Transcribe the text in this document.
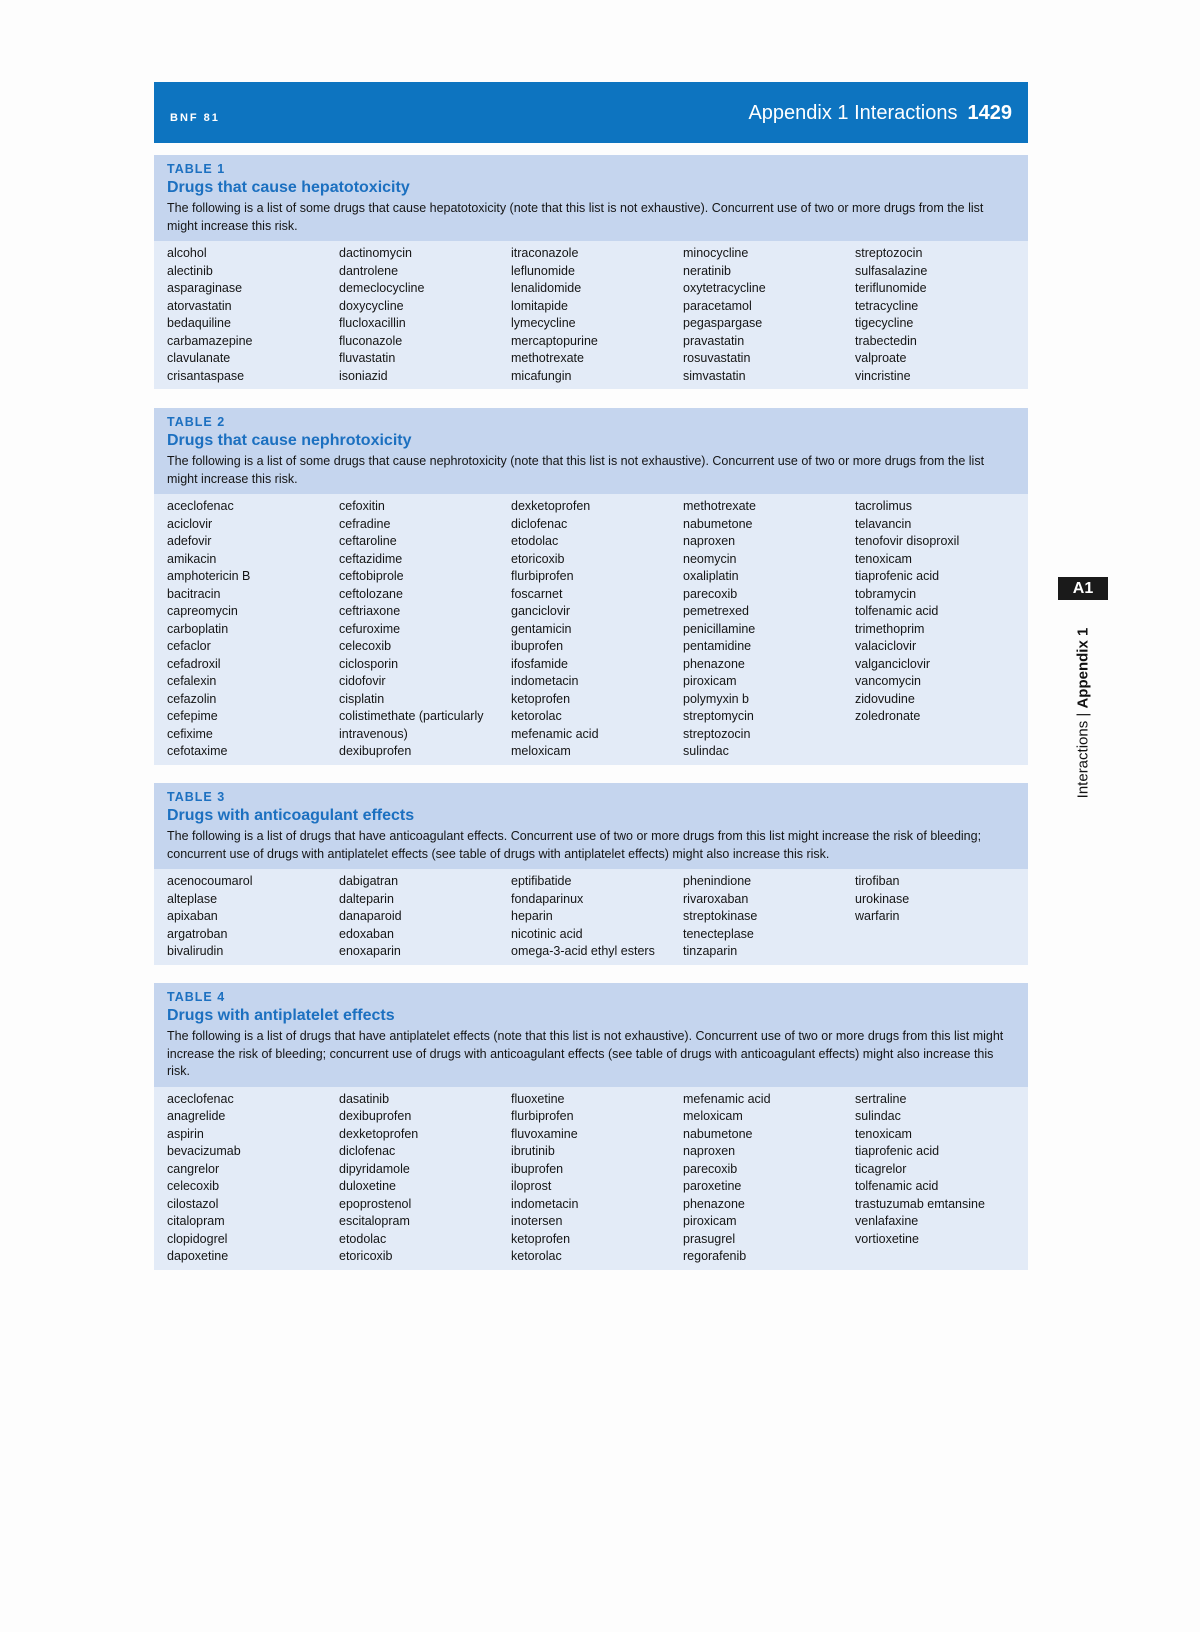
BNF 81	Appendix 1 Interactions 1429
TABLE 1
Drugs that cause hepatotoxicity
The following is a list of some drugs that cause hepatotoxicity (note that this list is not exhaustive). Concurrent use of two or more drugs from the list might increase this risk.
alcohol
alectinib
asparaginase
atorvastatin
bedaquiline
carbamazepine
clavulanate
crisantaspase
dactinomycin
dantrolene
demeclocycline
doxycycline
flucloxacillin
fluconazole
fluvastatin
isoniazid
itraconazole
leflunomide
lenalidomide
lomitapide
lymecycline
mercaptopurine
methotrexate
micafungin
minocycline
neratinib
oxytetracycline
paracetamol
pegaspargase
pravastatin
rosuvastatin
simvastatin
streptozocin
sulfasalazine
teriflunomide
tetracycline
tigecycline
trabectedin
valproate
vincristine
TABLE 2
Drugs that cause nephrotoxicity
The following is a list of some drugs that cause nephrotoxicity (note that this list is not exhaustive). Concurrent use of two or more drugs from the list might increase this risk.
aceclofenac
aciclovir
adefovir
amikacin
amphotericin B
bacitracin
capreomycin
carboplatin
cefaclor
cefadroxil
cefalexin
cefazolin
cefepime
cefixime
cefotaxime
cefoxitin
cefradine
ceftaroline
ceftazidime
ceftobiprole
ceftolozane
ceftriaxone
cefuroxime
celecoxib
ciclosporin
cidofovir
cisplatin
colistimethate (particularly
intravenous)
dexibuprofen
dexketoprofen
diclofenac
etodolac
etoricoxib
flurbiprofen
foscarnet
ganciclovir
gentamicin
ibuprofen
ifosfamide
indometacin
ketoprofen
ketorolac
mefenamic acid
meloxicam
methotrexate
nabumetone
naproxen
neomycin
oxaliplatin
parecoxib
pemetrexed
penicillamine
pentamidine
phenazone
piroxicam
polymyxin b
streptomycin
streptozocin
sulindac
tacrolimus
telavancin
tenofovir disoproxil
tenoxicam
tiaprofenic acid
tobramycin
tolfenamic acid
trimethoprim
valaciclovir
valganciclovir
vancomycin
zidovudine
zoledronate
TABLE 3
Drugs with anticoagulant effects
The following is a list of drugs that have anticoagulant effects. Concurrent use of two or more drugs from this list might increase the risk of bleeding; concurrent use of drugs with antiplatelet effects (see table of drugs with antiplatelet effects) might also increase this risk.
acenocoumarol
alteplase
apixaban
argatroban
bivalirudin
dabigatran
dalteparin
danaparoid
edoxaban
enoxaparin
eptifibatide
fondaparinux
heparin
nicotinic acid
omega-3-acid ethyl esters
phenindione
rivaroxaban
streptokinase
tenecteplase
tinzaparin
tirofiban
urokinase
warfarin
TABLE 4
Drugs with antiplatelet effects
The following is a list of drugs that have antiplatelet effects (note that this list is not exhaustive). Concurrent use of two or more drugs from this list might increase the risk of bleeding; concurrent use of drugs with anticoagulant effects (see table of drugs with anticoagulant effects) might also increase this risk.
aceclofenac
anagrelide
aspirin
bevacizumab
cangrelor
celecoxib
cilostazol
citalopram
clopidogrel
dapoxetine
dasatinib
dexibuprofen
dexketoprofen
diclofenac
dipyridamole
duloxetine
epoprostenol
escitalopram
etodolac
etoricoxib
fluoxetine
flurbiprofen
fluvoxamine
ibrutinib
ibuprofen
iloprost
indometacin
inotersen
ketoprofen
ketorolac
mefenamic acid
meloxicam
nabumetone
naproxen
parecoxib
paroxetine
phenazone
piroxicam
prasugrel
regorafenib
sertraline
sulindac
tenoxicam
tiaprofenic acid
ticagrelor
tolfenamic acid
trastuzumab emtansine
venlafaxine
vortioxetine
A1
Interactions | Appendix 1
